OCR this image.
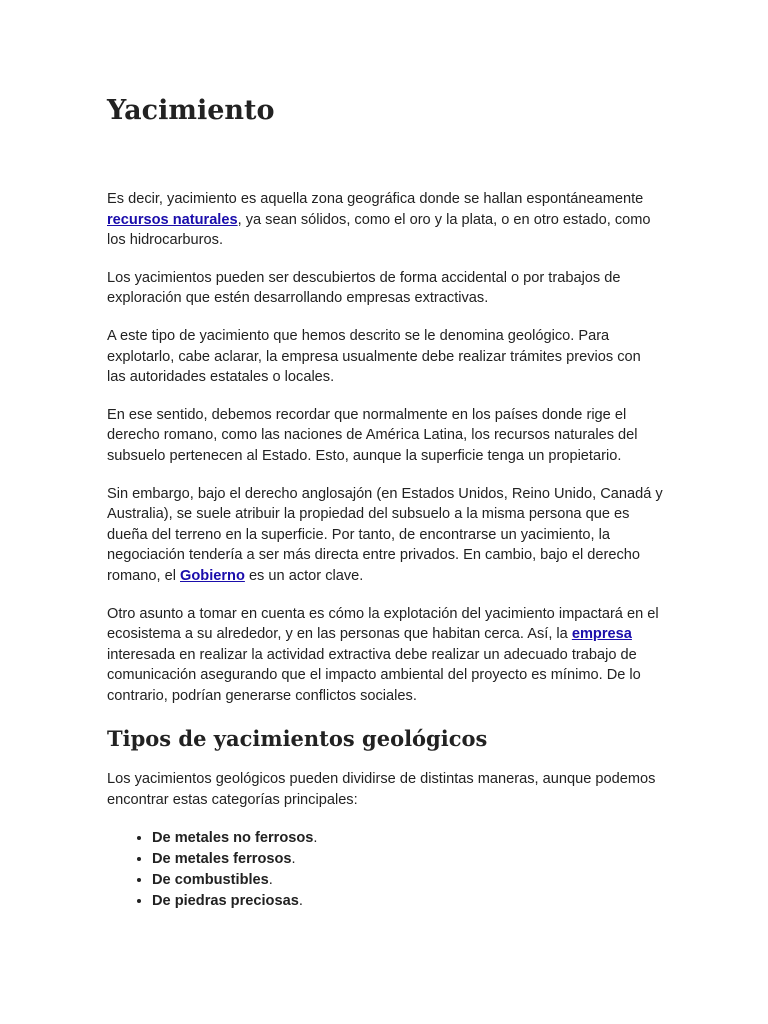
Yacimiento

Es decir, yacimiento es aquella zona geográfica donde se hallan espontáneamente recursos naturales, ya sean sólidos, como el oro y la plata, o en otro estado, como los hidrocarburos.

Los yacimientos pueden ser descubiertos de forma accidental o por trabajos de exploración que estén desarrollando empresas extractivas.

A este tipo de yacimiento que hemos descrito se le denomina geológico. Para explotarlo, cabe aclarar, la empresa usualmente debe realizar trámites previos con las autoridades estatales o locales.

En ese sentido, debemos recordar que normalmente en los países donde rige el derecho romano, como las naciones de América Latina, los recursos naturales del subsuelo pertenecen al Estado. Esto, aunque la superficie tenga un propietario.

Sin embargo, bajo el derecho anglosajón (en Estados Unidos, Reino Unido, Canadá y Australia), se suele atribuir la propiedad del subsuelo a la misma persona que es dueña del terreno en la superficie. Por tanto, de encontrarse un yacimiento, la negociación tendería a ser más directa entre privados. En cambio, bajo el derecho romano, el Gobierno es un actor clave.

Otro asunto a tomar en cuenta es cómo la explotación del yacimiento impactará en el ecosistema a su alrededor, y en las personas que habitan cerca. Así, la empresa interesada en realizar la actividad extractiva debe realizar un adecuado trabajo de comunicación asegurando que el impacto ambiental del proyecto es mínimo. De lo contrario, podrían generarse conflictos sociales.

Tipos de yacimientos geológicos

Los yacimientos geológicos pueden dividirse de distintas maneras, aunque podemos encontrar estas categorías principales:

• De metales no ferrosos.
• De metales ferrosos.
• De combustibles.
• De piedras preciosas.
